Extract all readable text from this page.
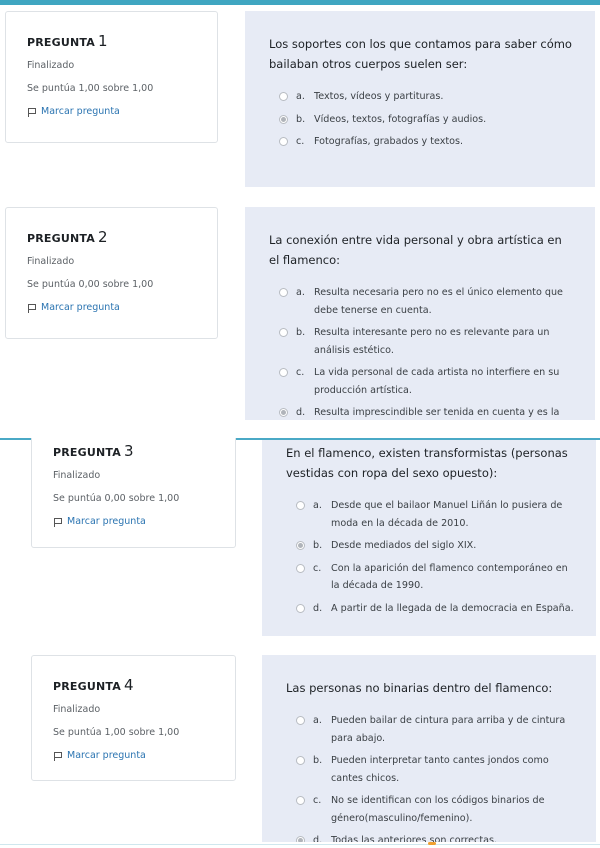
PREGUNTA 1
Finalizado
Se puntúa 1,00 sobre 1,00
Marcar pregunta
Los soportes con los que contamos para saber cómo bailaban otros cuerpos suelen ser:
a. Textos, vídeos y partituras.
b. Vídeos, textos, fotografías y audios.
c.	Fotografías, grabados y textos.
PREGUNTA 2
Finalizado
Se puntúa 0,00 sobre 1,00
Marcar pregunta
La conexión entre vida personal y obra artística en el flamenco:
a. Resulta necesaria pero no es el único elemento que debe tenerse en cuenta.
b. Resulta interesante pero no es relevante para un análisis estético.
c.	La vida personal de cada artista no interfiere en su producción artística.
d. Resulta imprescindible ser tenida en cuenta y es la
PREGUNTA 3
Finalizado
Se puntúa 0,00 sobre 1,00
Marcar pregunta
En el flamenco, existen transformistas (personas vestidas con ropa del sexo opuesto):
a. Desde que el bailaor Manuel Liñán lo pusiera de moda en la década de 2010.
b. Desde mediados del siglo XIX.
c.	Con la aparición del flamenco contemporáneo en la década de 1990.
d. A partir de la llegada de la democracia en España.
PREGUNTA 4
Finalizado
Se puntúa 1,00 sobre 1,00
Marcar pregunta
Las personas no binarias dentro del flamenco:
a. Pueden bailar de cintura para arriba y de cintura para abajo.
b. Pueden interpretar tanto cantes jondos como cantes chicos.
c.	No se identifican con los códigos binarios de género(masculino/femenino).
d. Todas las anteriores son correctas.
